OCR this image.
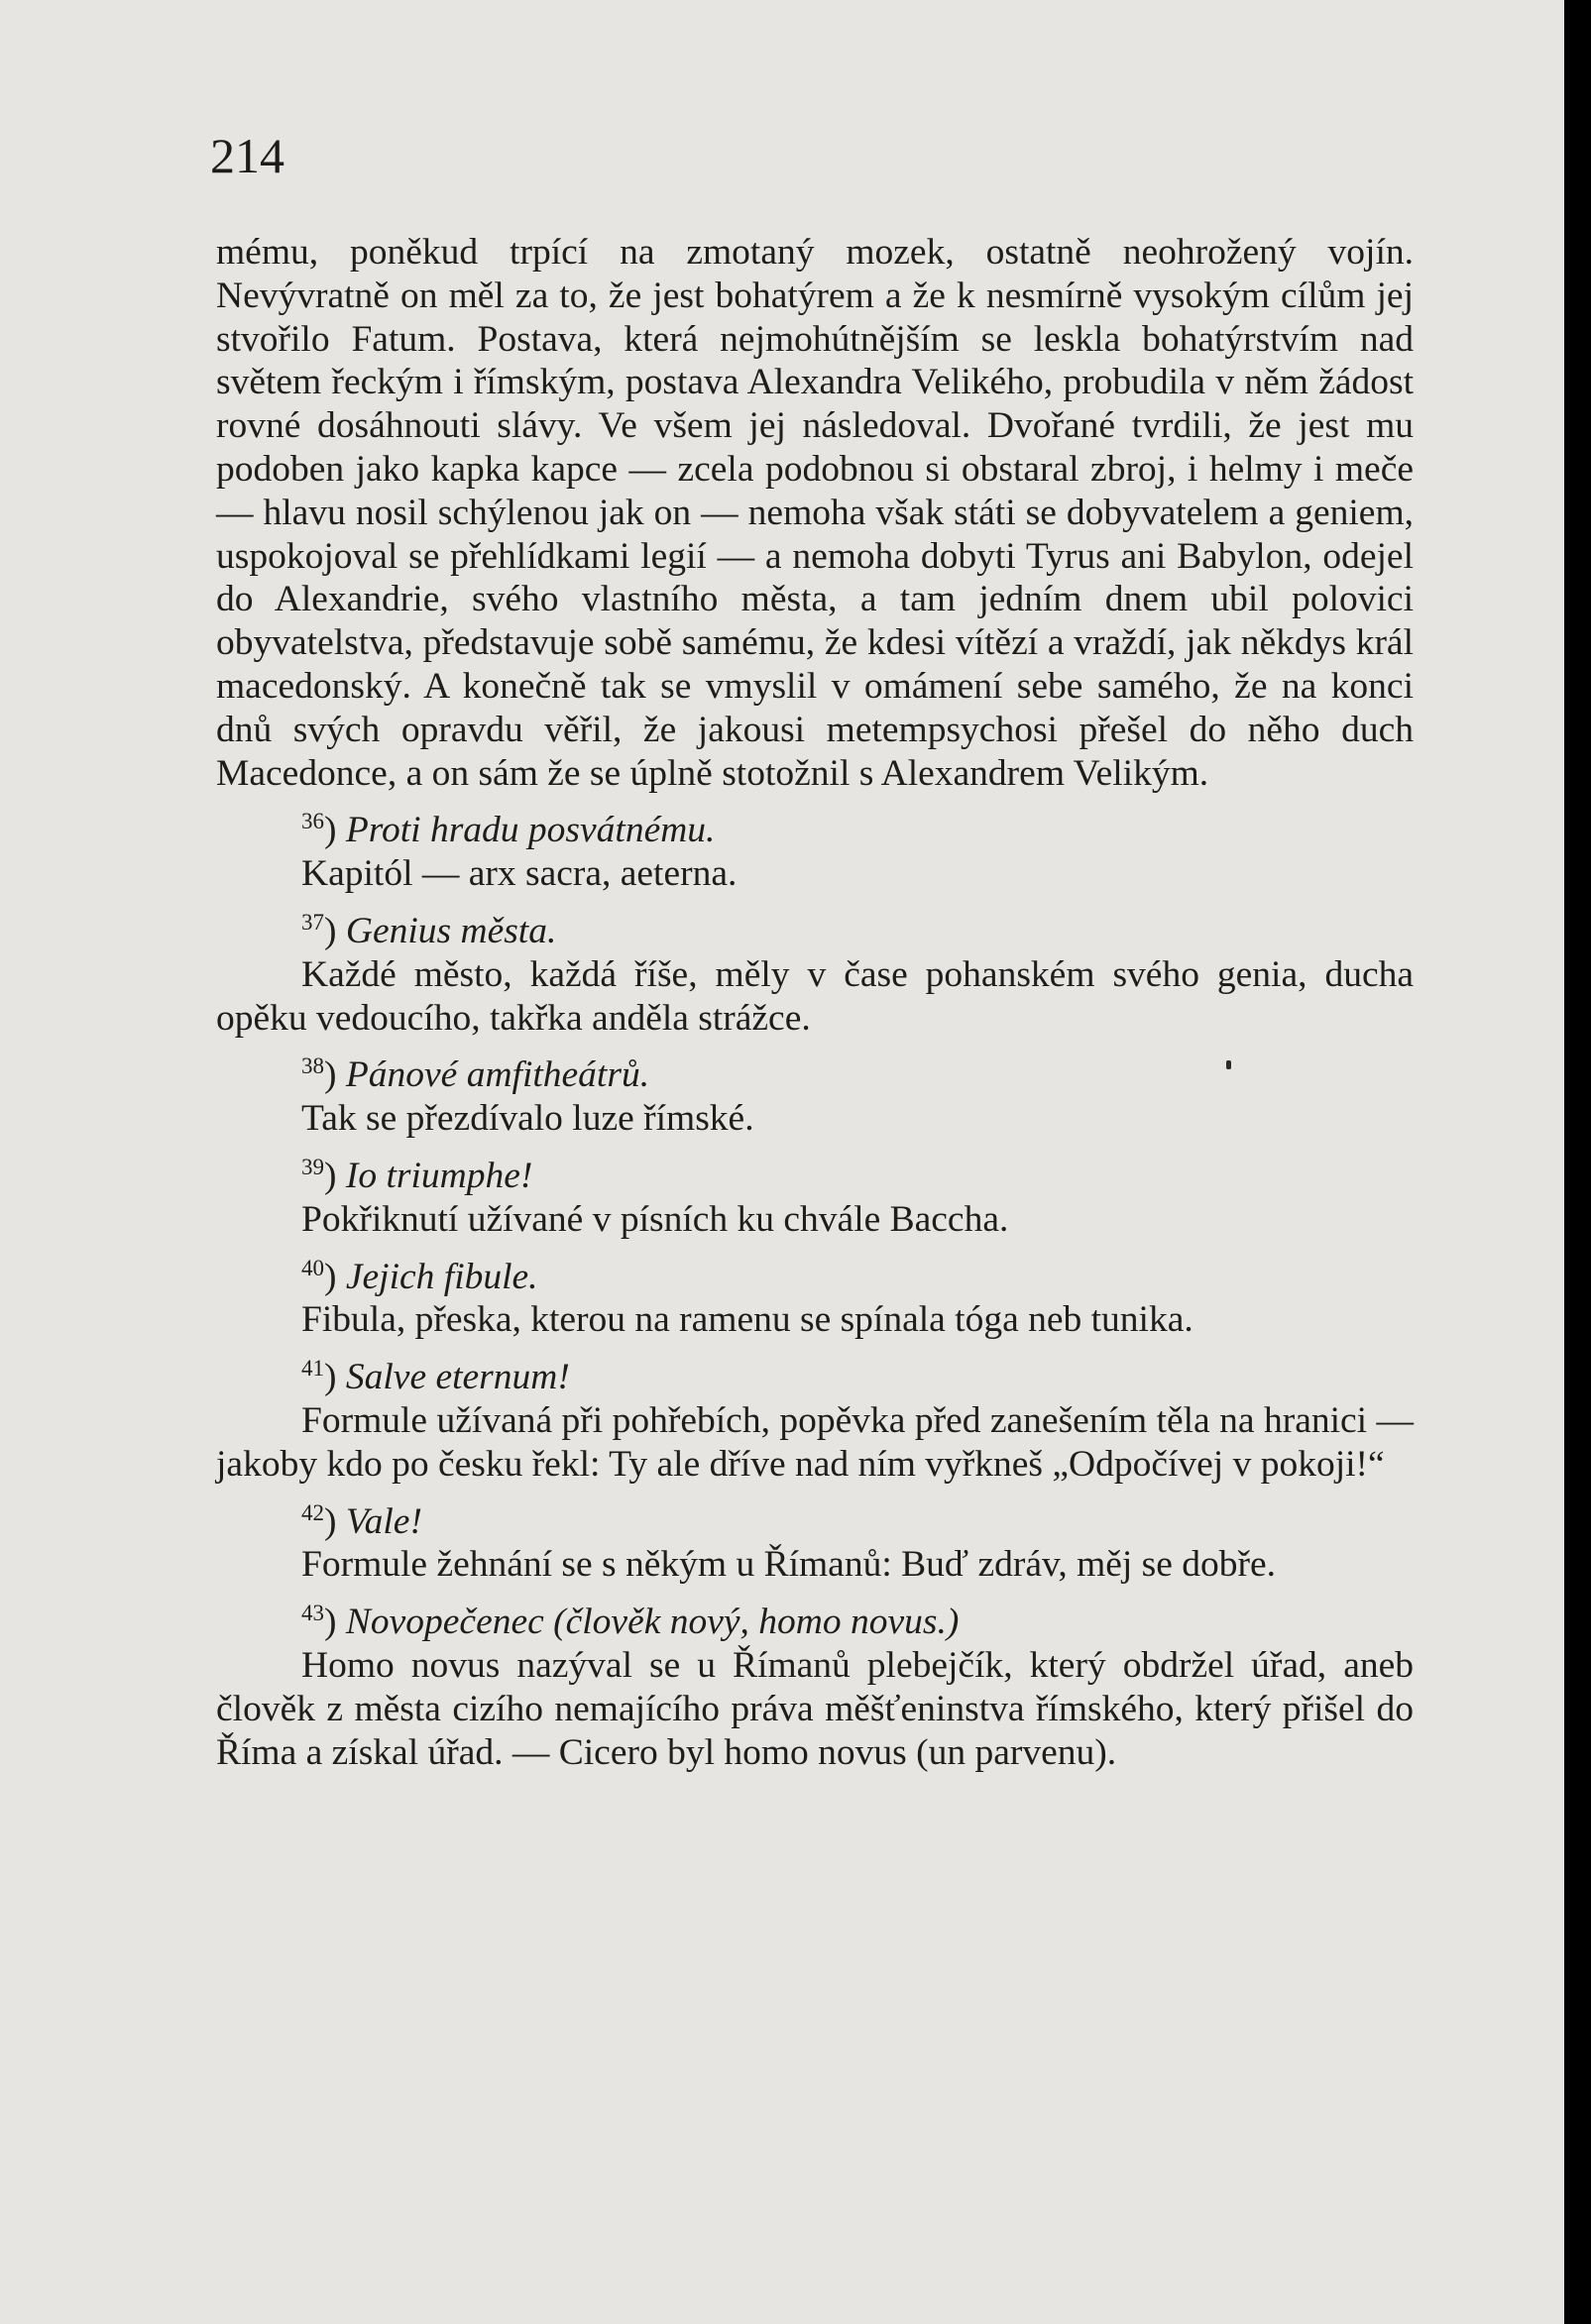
214

mému, poněkud trpící na zmotaný mozek, ostatně neohrožený vojín. Nevývratně on měl za to, že jest bohatýrem a že k nesmírně vysokým cílům jej stvořilo Fatum. Postava, která nejmohútnějším se leskla bohatýrstvím nad světem řeckým i římským, postava Alexandra Velikého, probudila v něm žádost rovné dosáhnouti slávy. Ve všem jej následoval. Dvořané tvrdili, že jest mu podoben jako kapka kapce — zcela podobnou si obstaral zbroj, i helmy i meče — hlavu nosil schýlenou jak on — nemoha však státi se dobyvatelem a geniem, uspokojoval se přehlídkami legií — a nemoha dobyti Tyrus ani Babylon, odejel do Alexandrie, svého vlastního města, a tam jedním dnem ubil polovici obyvatelstva, představuje sobě samému, že kdesi vítězí a vraždí, jak někdys král macedonský. A konečně tak se vmyslil v omámení sebe samého, že na konci dnů svých opravdu věřil, že jakousi metempsychosi přešel do něho duch Macedonce, a on sám že se úplně stotožnil s Alexandrem Velikým.

$^{36}$) Proti hradu posvátnému.
Kapitól — arx sacra, aeterna.
$^{37}$) Genius města.
Každé město, každá říše, měly v čase pohanském svého genia, ducha opěku vedoucího, takřka anděla strážce.
$^{38}$) Pánové amfitheátrů.
Tak se přezdívalo luze římské.
$^{39}$) Io triumphe!
Pokřiknutí užívané v písních ku chvále Baccha.
$^{40}$) Jejich fibule.
Fibula, přeska, kterou na ramenu se spínala tóga neb tunika.
$^{41}$) Salve eternum!
Formule užívaná při pohřebích, popěvka před zanešením těla na hranici — jakoby kdo po česku řekl: Ty ale dříve nad ním vyřkneš „Odpočívej v pokoji!“
$^{42}$) Vale!
Formule žehnání se s někým u Římanů: Buď zdráv, měj se dobře.
$^{43}$) Novopečenec (člověk nový, homo novus.)
Homo novus nazýval se u Římanů plebejčík, který obdržel úřad, aneb člověk z města cizího nemajícího práva měšťeninstva římského, který přišel do Říma a získal úřad. — Cicero byl homo novus (un parvenu).
